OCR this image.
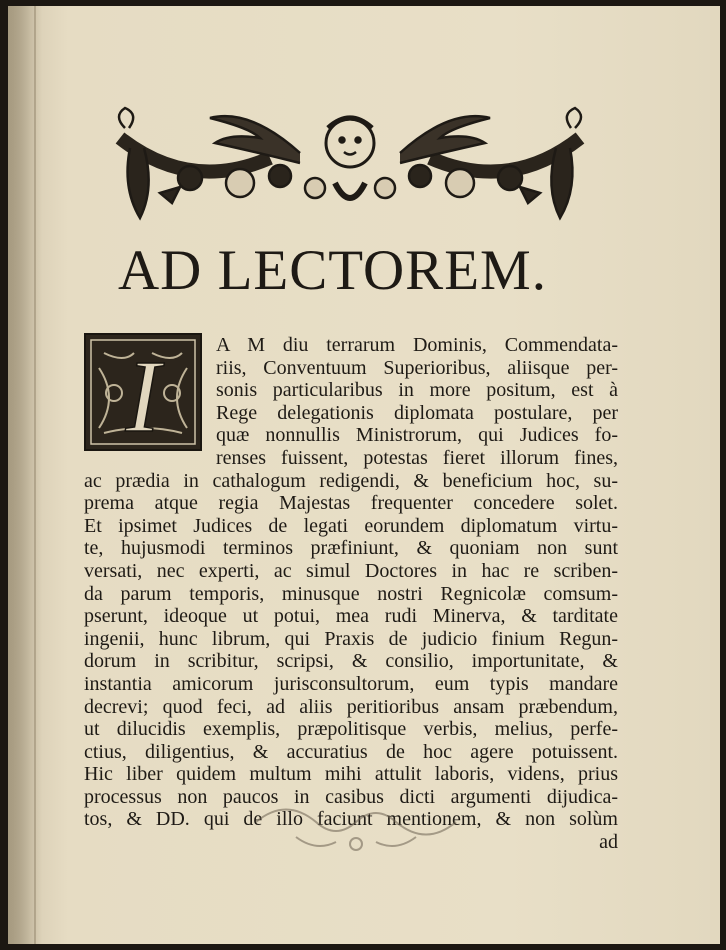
AD LECTOREM.
I	A M diu terrarum Dominis, Commendata-
riis, Conventuum Superioribus, aliisque per-
sonis particularibus in more positum, est à
Rege delegationis diplomata postulare, per
quæ nonnullis Ministrorum, qui Judices fo-
renses fuissent, potestas fieret illorum fines,
ac prædia in cathalogum redigendi, & beneficium hoc, su-
prema atque regia Majestas frequenter concedere solet.
Et ipsimet Judices de legati eorundem diplomatum virtu-
te, hujusmodi terminos præfiniunt, & quoniam non sunt
versati, nec experti, ac simul Doctores in hac re scriben-
da parum temporis, minusque nostri Regnicolæ comsum-
pserunt, ideoque ut potui, mea rudi Minerva, & tarditate
ingenii, hunc librum, qui Praxis de judicio finium Regun-
dorum in scribitur, scripsi, & consilio, importunitate, &
instantia amicorum jurisconsultorum, eum typis mandare
decrevi; quod feci, ad aliis peritioribus ansam præbendum,
ut dilucidis exemplis, præpolitisque verbis, melius, perfe-
ctius, diligentius, & accuratius de hoc agere potuissent.
Hic liber quidem multum mihi attulit laboris, videns, prius
processus non paucos in casibus dicti argumenti dijudica-
tos, & DD. qui de illo faciunt mentionem, & non solùm
ad
